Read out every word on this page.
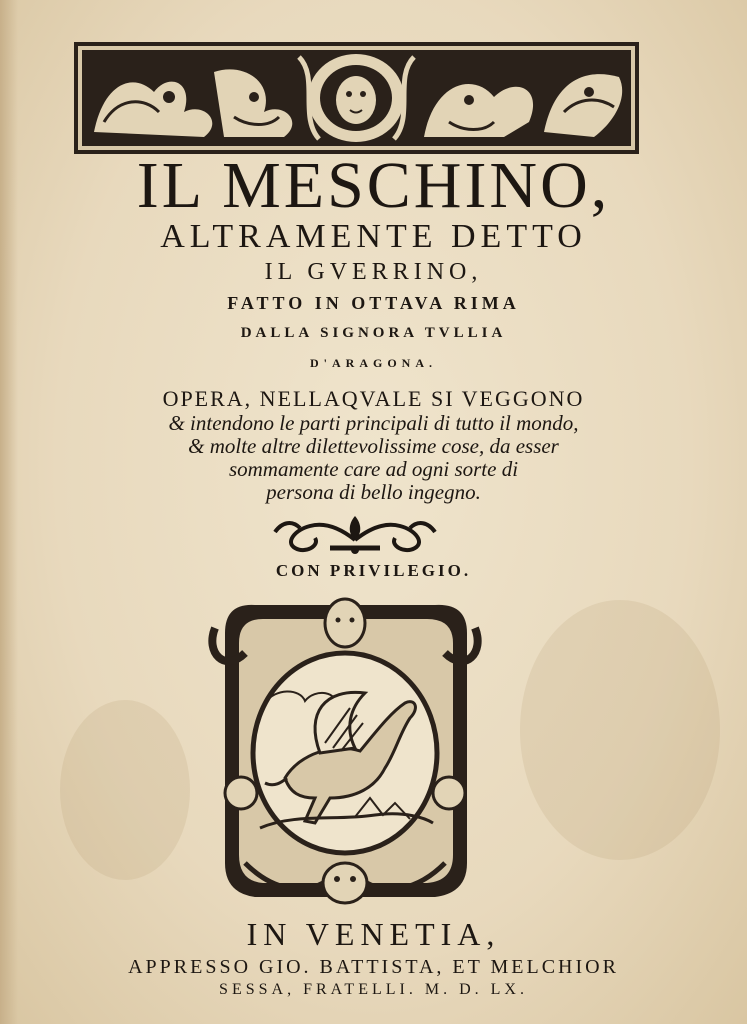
IL MESCHINO,
ALTRAMENTE DETTO
IL GVERRINO,
FATTO IN OTTAVA RIMA
DALLA SIGNORA TVLLIA
D'ARAGONA.
OPERA, NELLAQVALE SI VEGGONO
& intendono le parti principali di tutto il mondo,
& molte altre dilettevolissime cose, da esser
sommamente care ad ogni sorte di
persona di bello ingegno.
CON PRIVILEGIO.
IN VENETIA,
APPRESSO GIO. BATTISTA, ET MELCHIOR
SESSA, FRATELLI. M. D. LX.
